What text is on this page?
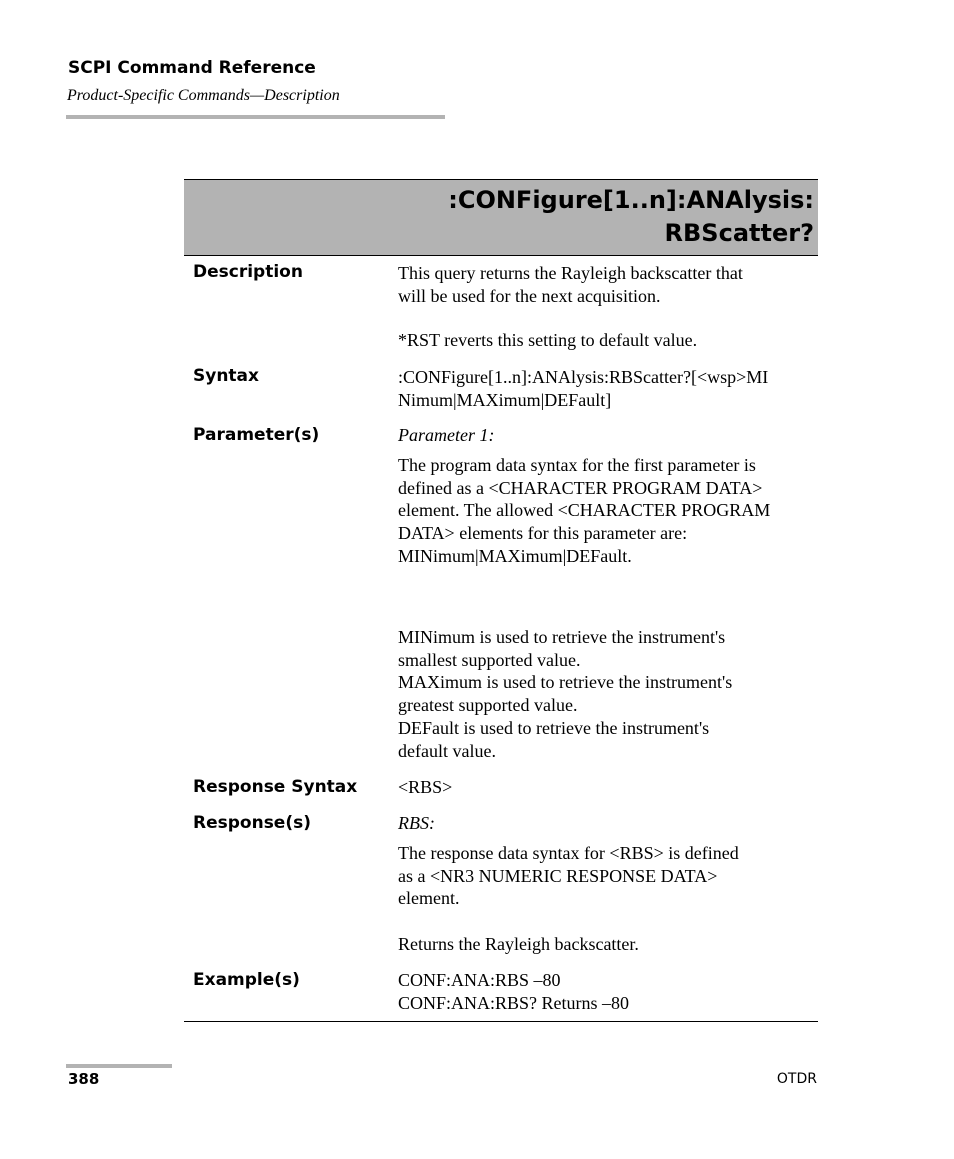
SCPI Command Reference
Product-Specific Commands—Description
:CONFigure[1..n]:ANAlysis:
RBScatter?
Description	This query returns the Rayleigh backscatter that
will be used for the next acquisition.
*RST reverts this setting to default value.
Syntax	:CONFigure[1..n]:ANAlysis:RBScatter?[<wsp>MI
Nimum|MAXimum|DEFault]
Parameter(s)	Parameter 1:
The program data syntax for the first parameter is
defined as a <CHARACTER PROGRAM DATA>
element. The allowed <CHARACTER PROGRAM
DATA> elements for this parameter are:
MINimum|MAXimum|DEFault.
MINimum is used to retrieve the instrument's
smallest supported value.
MAXimum is used to retrieve the instrument's
greatest supported value.
DEFault is used to retrieve the instrument's
default value.
Response Syntax <RBS>
Response(s)	RBS:
The response data syntax for <RBS> is defined
as a <NR3 NUMERIC RESPONSE DATA>
element.
Returns the Rayleigh backscatter.
Example(s)	CONF:ANA:RBS –80
CONF:ANA:RBS? Returns –80
388	OTDR
